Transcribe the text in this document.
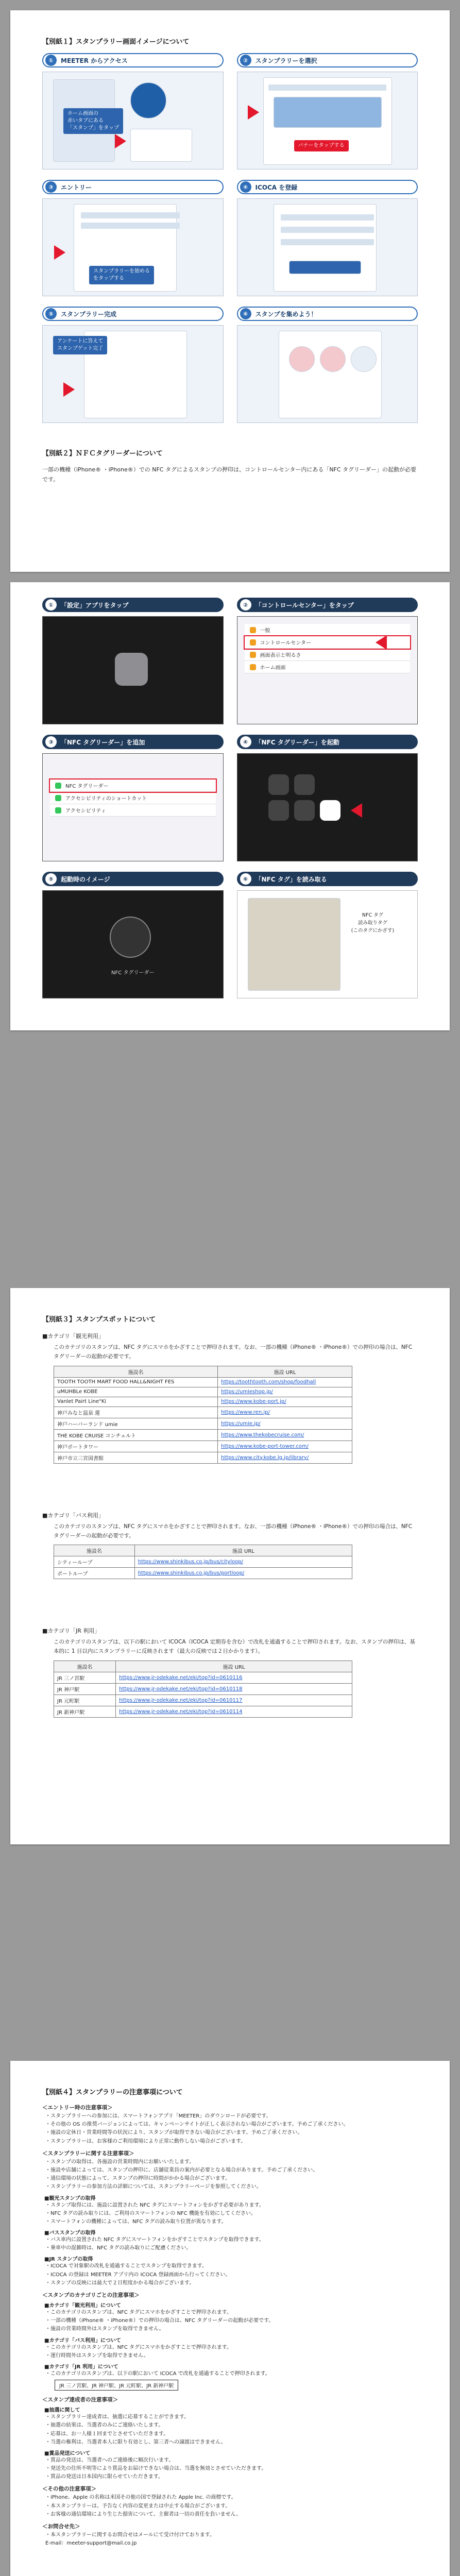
【別紙１】スタンプラリー画面イメージについて
①	MEETER からアクセス
ホーム画面の
赤いタブにある
「スタンプ」をタップ
②	スタンプラリーを選択
バナーをタップする
③	エントリー
スタンプラリーを始める
をタップする
④	ICOCA を登録
⑤	スタンプラリー完成
アンケートに答えて
スタンプゲット完了
⑥	スタンプを集めよう！
【別紙２】ＮＦＣタグリーダーについて
一部の機種（iPhone® ・iPhone®）での NFC タグによるスタンプの押印は、コントロールセンター内にある「NFC タグリーダー」の起動が必要です。
①	「設定」アプリをタップ	②	「コントロールセンター」をタップ
一般
コントロールセンター
画面表示と明るさ
ホーム画面
③	「NFC タグリーダー」を追加
NFC タグリーダー
アクセシビリティのショートカット
アクセシビリティ
④	「NFC タグリーダー」を起動
⑤	起動時のイメージ
NFC タグリーダー
⑥	「NFC タグ」を読み取る
NFC タグ
読み取りタグ
(このタグにかざす)
【別紙３】スタンプスポットについて
■カテゴリ「観光利用」
このカテゴリのスタンプは、NFC タグにスマホをかざすことで押印されます。なお、一部の機種（iPhone® ・iPhone®）での押印の場合は、NFC タグリーダーの起動が必要です。
施設名	施設 URL
TOOTH TOOTH MART FOOD HALL&NIGHT FES	https://toothtooth.com/shop/foodhall
uMUHBLe KOBE	https://umieshop.jp/
Vanlet Pairt Line"Ki	https://www.kobe-port.jp/
神戸みなと温泉 蓮	https://www.ren.jp/
神戸ハーバーランド umie	https://umie.jp/
THE KOBE CRUISE コンチェルト	https://www.thekobecruise.com/
神戸ポートタワー	https://www.kobe-port-tower.com/
神戸市立三宮図書館	https://www.city.kobe.lg.jp/library/
■カテゴリ「バス利用」
このカテゴリのスタンプは、NFC タグにスマホをかざすことで押印されます。なお、一部の機種（iPhone® ・iPhone®）での押印の場合は、NFC タグリーダーの起動が必要です。
施設名	施設 URL
シティーループ	https://www.shinkibus.co.jp/bus/cityloop/
ポートループ	https://www.shinkibus.co.jp/bus/portloop/
■カテゴリ「JR 利用」
このカテゴリのスタンプは、以下の駅において ICOCA（ICOCA 定期券を含む）で改札を通過することで押印されます。なお、スタンプの押印は、基本的に 1 日以内にスタンプラリーに反映されます（最大の反映では２日かかります）。
施設名	施設 URL
JR 三ノ宮駅	https://www.jr-odekake.net/eki/top?id=0610116
JR 神戸駅	https://www.jr-odekake.net/eki/top?id=0610118
JR 元町駅	https://www.jr-odekake.net/eki/top?id=0610117
JR 新神戸駅	https://www.jr-odekake.net/eki/top?id=0610114
【別紙４】スタンプラリーの注意事項について
＜エントリー時の注意事項＞
・スタンプラリーへの参加には、スマートフォンアプリ「MEETER」のダウンロードが必要です。
・その他の OS の推奨バージョンによっては、キャンペーンサイトが正しく表示されない場合がございます。予めご了承ください。
・施設の定休日・営業時間等の状況により、スタンプが取得できない場合がございます。予めご了承ください。
・スタンプラリーは、お客様のご利用環境により正常に動作しない場合がございます。
＜スタンプラリーに関する注意事項＞
・スタンプの取得は、各施設の営業時間内にお願いいたします。
・施設や店舗によっては、スタンプの押印に、店舗従業員の案内が必要となる場合があります。予めご了承ください。
・通信環境の状態によって、スタンプの押印に時間がかかる場合がございます。
・スタンプラリーの参加方法の詳細については、スタンプラリーページを参照してください。
■観光スタンプの取得
・スタンプ取得には、施設に設置された NFC タグにスマートフォンをかざす必要があります。
・NFC タグの読み取りには、ご利用のスマートフォンの NFC 機能を有効にしてください。
・スマートフォンの機種によっては、NFC タグの読み取り位置が異なります。
■バススタンプの取得
・バス車内に設置された NFC タグにスマートフォンをかざすことでスタンプを取得できます。
・乗車中の混雑時は、NFC タグの読み取りにご配慮ください。
■JR スタンプの取得
・ICOCA で対象駅の改札を通過することでスタンプを取得できます。
・ICOCA の登録は MEETER アプリ内の ICOCA 登録画面から行ってください。
・スタンプの反映には最大で２日程度かかる場合がございます。
＜スタンプのカテゴリごとの注意事項＞
■カテゴリ「観光利用」について
・このカテゴリのスタンプは、NFC タグにスマホをかざすことで押印されます。
・一部の機種（iPhone® ・iPhone®）での押印の場合は、NFC タグリーダーの起動が必要です。
・施設の営業時間外はスタンプを取得できません。
■カテゴリ「バス利用」について
・このカテゴリのスタンプは、NFC タグにスマホをかざすことで押印されます。
・運行時間外はスタンプを取得できません。
■カテゴリ「JR 利用」について
・このカテゴリのスタンプは、以下の駅において ICOCA で改札を通過することで押印されます。
JR 三ノ宮駅、JR 神戸駅、JR 元町駅、JR 新神戸駅
＜スタンプ達成者の注意事項＞
■抽選に関して
・スタンプラリー達成者は、抽選に応募することができます。
・抽選の結果は、当選者のみにご連絡いたします。
・応募は、お一人様１回までとさせていただきます。
・当選の権利は、当選者本人に限り有効とし、第三者への譲渡はできません。
■賞品発送について
・賞品の発送は、当選者へのご連絡後に順次行います。
・発送先の住所不明等により賞品をお届けできない場合は、当選を無効とさせていただきます。
・賞品の発送は日本国内に限らせていただきます。
＜その他の注意事項＞
・iPhone、Apple の名称は米国その他の国で登録された Apple Inc. の商標です。
・本スタンプラリーは、予告なく内容の変更または中止する場合がございます。
・お客様の通信環境により生じた損害について、主催者は一切の責任を負いません。
＜お問合せ先＞
・本スタンプラリーに関するお問合せはメールにて受け付けております。
E-mail：meeter-support@mail.co.jp
